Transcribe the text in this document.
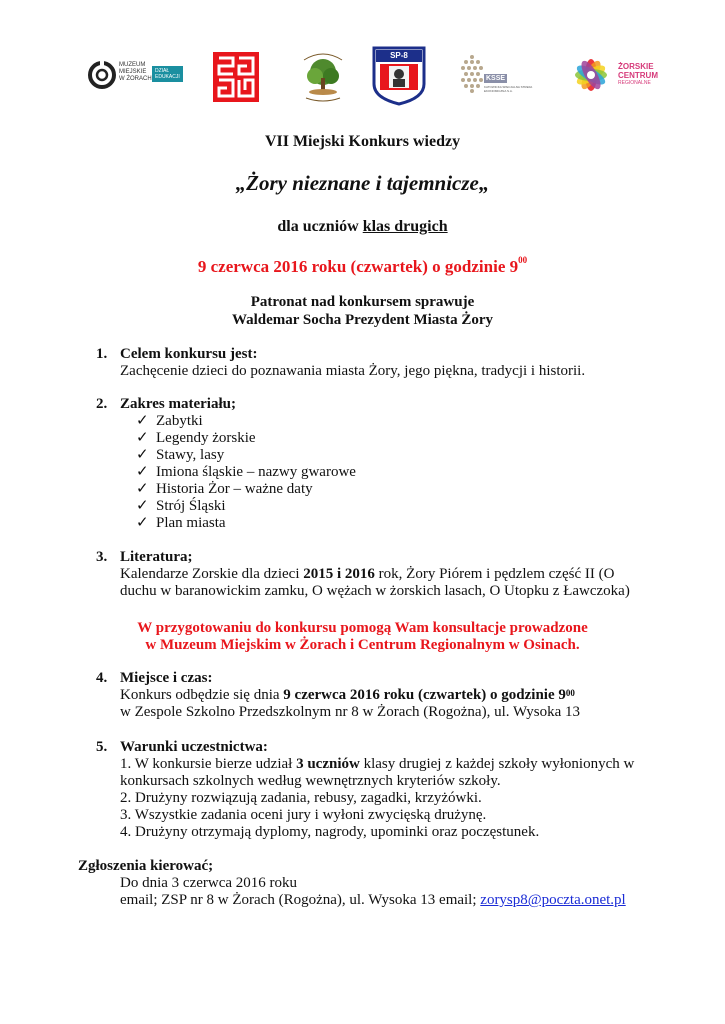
MUZEUM
MIEJSKIE
W ŻORACH
DZIAŁ
EDUKACJI
SP-8
KSSE
KATOWICKA SPECJALNA STREFA EKONOMICZNA S.A.
ŻORSKIE
CENTRUM
REGIONALNE
VII Miejski Konkurs wiedzy
„Żory nieznane i tajemnicze„
dla uczniów klas drugich
9 czerwca 2016 roku (czwartek) o godzinie $9^{00}$
Patronat nad konkursem sprawuje
Waldemar Socha Prezydent Miasta Żory
1. Celem konkursu jest:
Zachęcenie dzieci do poznawania miasta Żory, jego piękna, tradycji i historii.
2. Zakres materiału;
✓ Zabytki
✓ Legendy żorskie
✓ Stawy, lasy
✓ Imiona śląskie – nazwy gwarowe
✓ Historia Żor – ważne daty
✓ Strój Śląski
✓ Plan miasta
3. Literatura;
Kalendarze Zorskie dla dzieci 2015 i 2016 rok, Żory Piórem i pędzlem część II (O
duchu w baranowickim zamku, O wężach w żorskich lasach, O Utopku z Ławczoka)
W przygotowaniu do konkursu pomogą Wam konsultacje prowadzone
w Muzeum Miejskim w Żorach i Centrum Regionalnym w Osinach.
4. Miejsce i czas:
Konkurs odbędzie się dnia 9 czerwca 2016 roku (czwartek) o godzinie $9^{00}$
w Zespole Szkolno Przedszkolnym nr 8 w Żorach (Rogożna), ul. Wysoka 13
5. Warunki uczestnictwa:
1. W konkursie bierze udział 3 uczniów klasy drugiej z każdej szkoły wyłonionych w
konkursach szkolnych według wewnętrznych kryteriów szkoły.
2. Drużyny rozwiązują zadania, rebusy, zagadki, krzyżówki.
3. Wszystkie zadania oceni jury i wyłoni zwycięską drużynę.
4. Drużyny otrzymają dyplomy, nagrody, upominki oraz poczęstunek.
Zgłoszenia kierować;
Do dnia 3 czerwca 2016 roku
email; ZSP nr 8 w Żorach (Rogożna), ul. Wysoka 13 email; zorysp8@poczta.onet.pl
